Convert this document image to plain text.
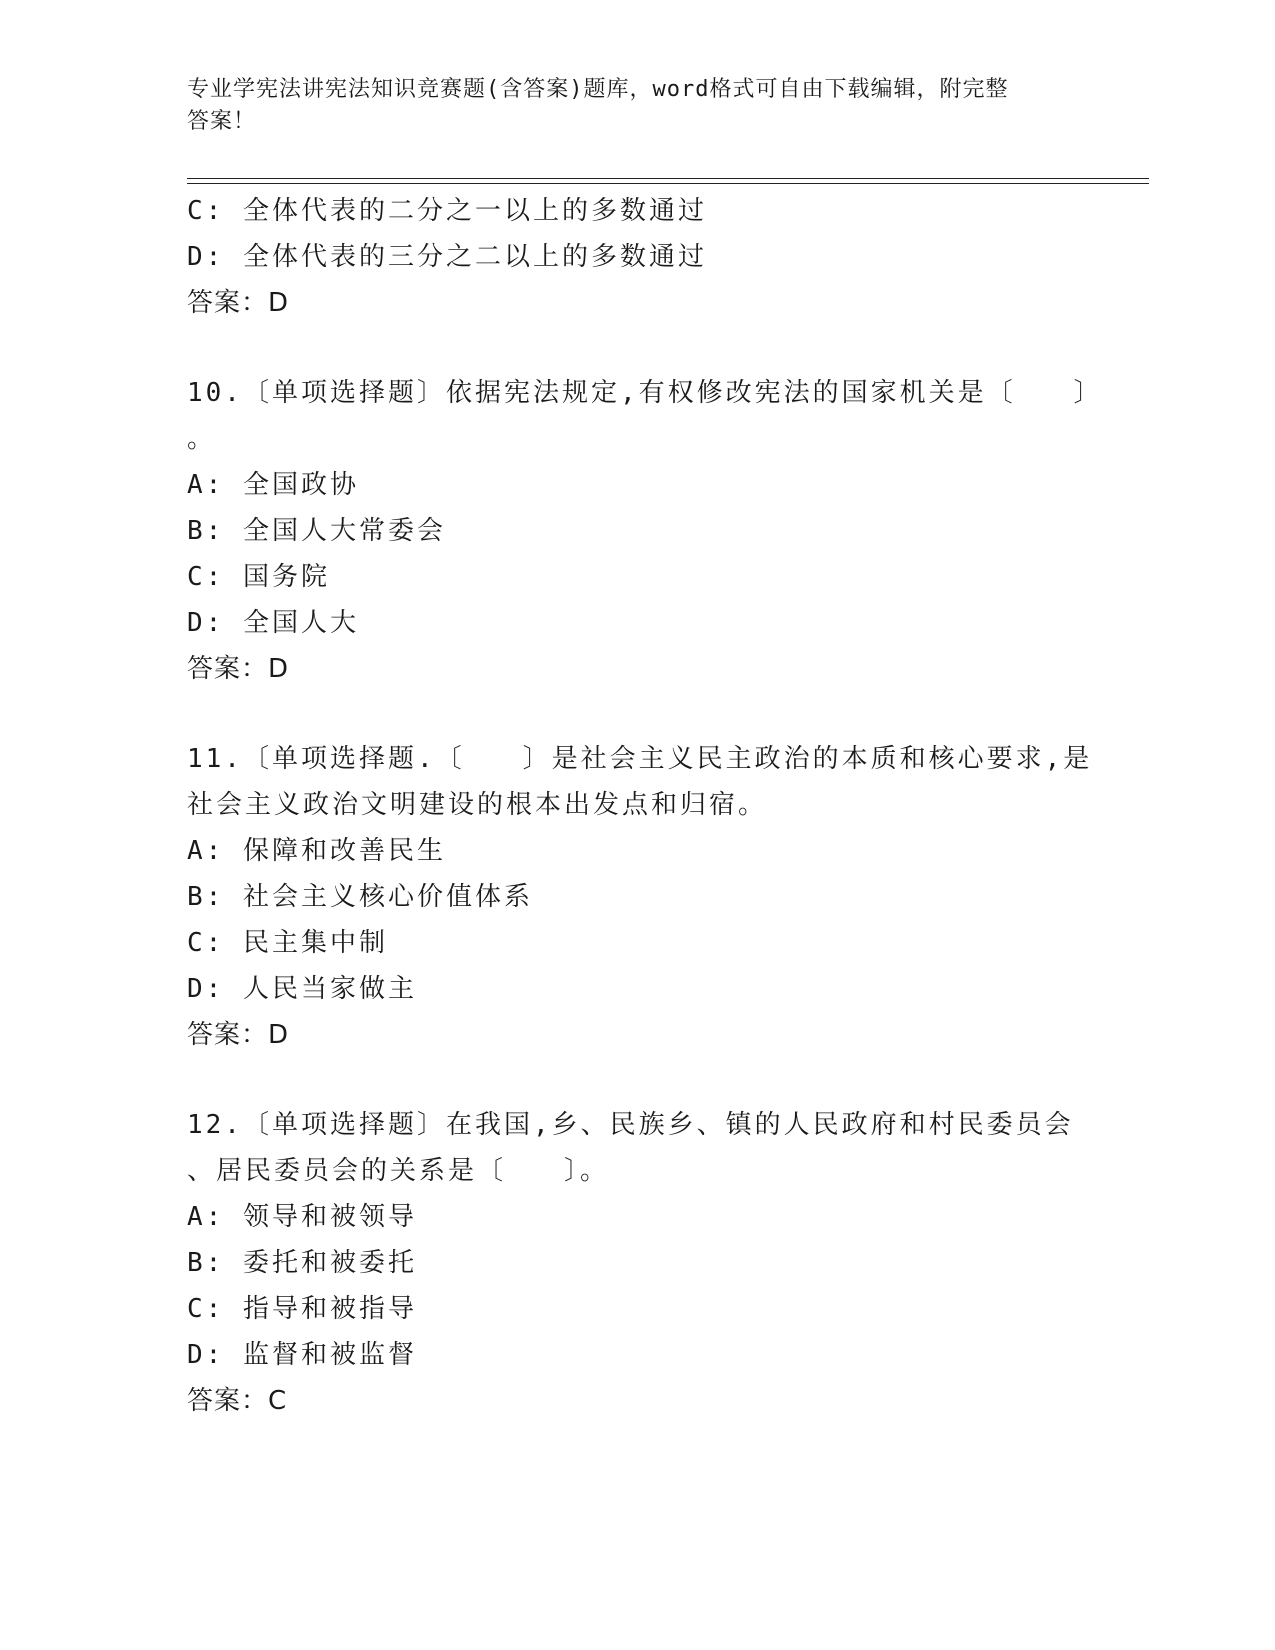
专业学宪法讲宪法知识竞赛题(含答案)题库，word格式可自由下载编辑，附完整
答案！
C: 全体代表的二分之一以上的多数通过
D: 全体代表的三分之二以上的多数通过
答案：D
10.〔单项选择题〕依据宪法规定,有权修改宪法的国家机关是〔　　〕
。
A: 全国政协
B: 全国人大常委会
C: 国务院
D: 全国人大
答案：D
11.〔单项选择题.〔　　〕是社会主义民主政治的本质和核心要求,是
社会主义政治文明建设的根本出发点和归宿。
A: 保障和改善民生
B: 社会主义核心价值体系
C: 民主集中制
D: 人民当家做主
答案：D
12.〔单项选择题〕在我国,乡、民族乡、镇的人民政府和村民委员会
、居民委员会的关系是〔　　〕。
A: 领导和被领导
B: 委托和被委托
C: 指导和被指导
D: 监督和被监督
答案：C
